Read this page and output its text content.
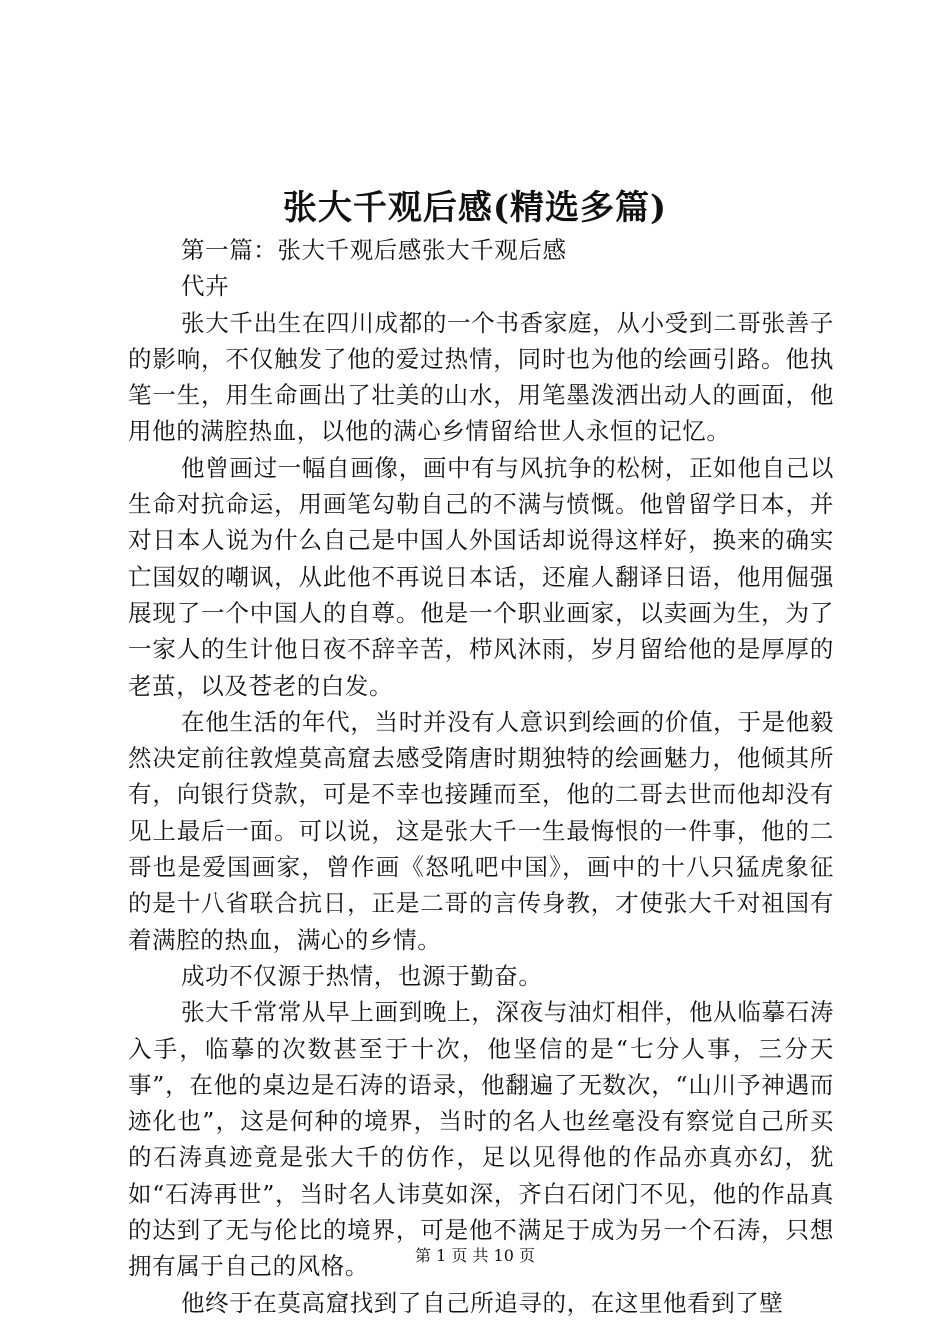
张大千观后感(精选多篇)

第一篇：张大千观后感张大千观后感

代卉

张大千出生在四川成都的一个书香家庭，从小受到二哥张善子的影响，不仅触发了他的爱过热情，同时也为他的绘画引路。他执笔一生，用生命画出了壮美的山水，用笔墨泼洒出动人的画面，他用他的满腔热血，以他的满心乡情留给世人永恒的记忆。

他曾画过一幅自画像，画中有与风抗争的松树，正如他自己以生命对抗命运，用画笔勾勒自己的不满与愤慨。他曾留学日本，并对日本人说为什么自己是中国人外国话却说得这样好，换来的确实亡国奴的嘲讽，从此他不再说日本话，还雇人翻译日语，他用倔强展现了一个中国人的自尊。他是一个职业画家，以卖画为生，为了一家人的生计他日夜不辞辛苦，栉风沐雨，岁月留给他的是厚厚的老茧，以及苍老的白发。

在他生活的年代，当时并没有人意识到绘画的价值，于是他毅然决定前往敦煌莫高窟去感受隋唐时期独特的绘画魅力，他倾其所有，向银行贷款，可是不幸也接踵而至，他的二哥去世而他却没有见上最后一面。可以说，这是张大千一生最悔恨的一件事，他的二哥也是爱国画家，曾作画《怒吼吧中国》，画中的十八只猛虎象征的是十八省联合抗日，正是二哥的言传身教，才使张大千对祖国有着满腔的热血，满心的乡情。

成功不仅源于热情，也源于勤奋。

张大千常常从早上画到晚上，深夜与油灯相伴，他从临摹石涛入手，临摹的次数甚至于十次，他坚信的是“七分人事，三分天事”，在他的桌边是石涛的语录，他翻遍了无数次，“山川予神遇而迹化也”，这是何种的境界，当时的名人也丝毫没有察觉自己所买的石涛真迹竟是张大千的仿作，足以见得他的作品亦真亦幻，犹如“石涛再世”，当时名人讳莫如深，齐白石闭门不见，他的作品真的达到了无与伦比的境界，可是他不满足于成为另一个石涛，只想拥有属于自己的风格。

他终于在莫高窟找到了自己所追寻的，在这里他看到了壁

第 1 页 共 10 页
